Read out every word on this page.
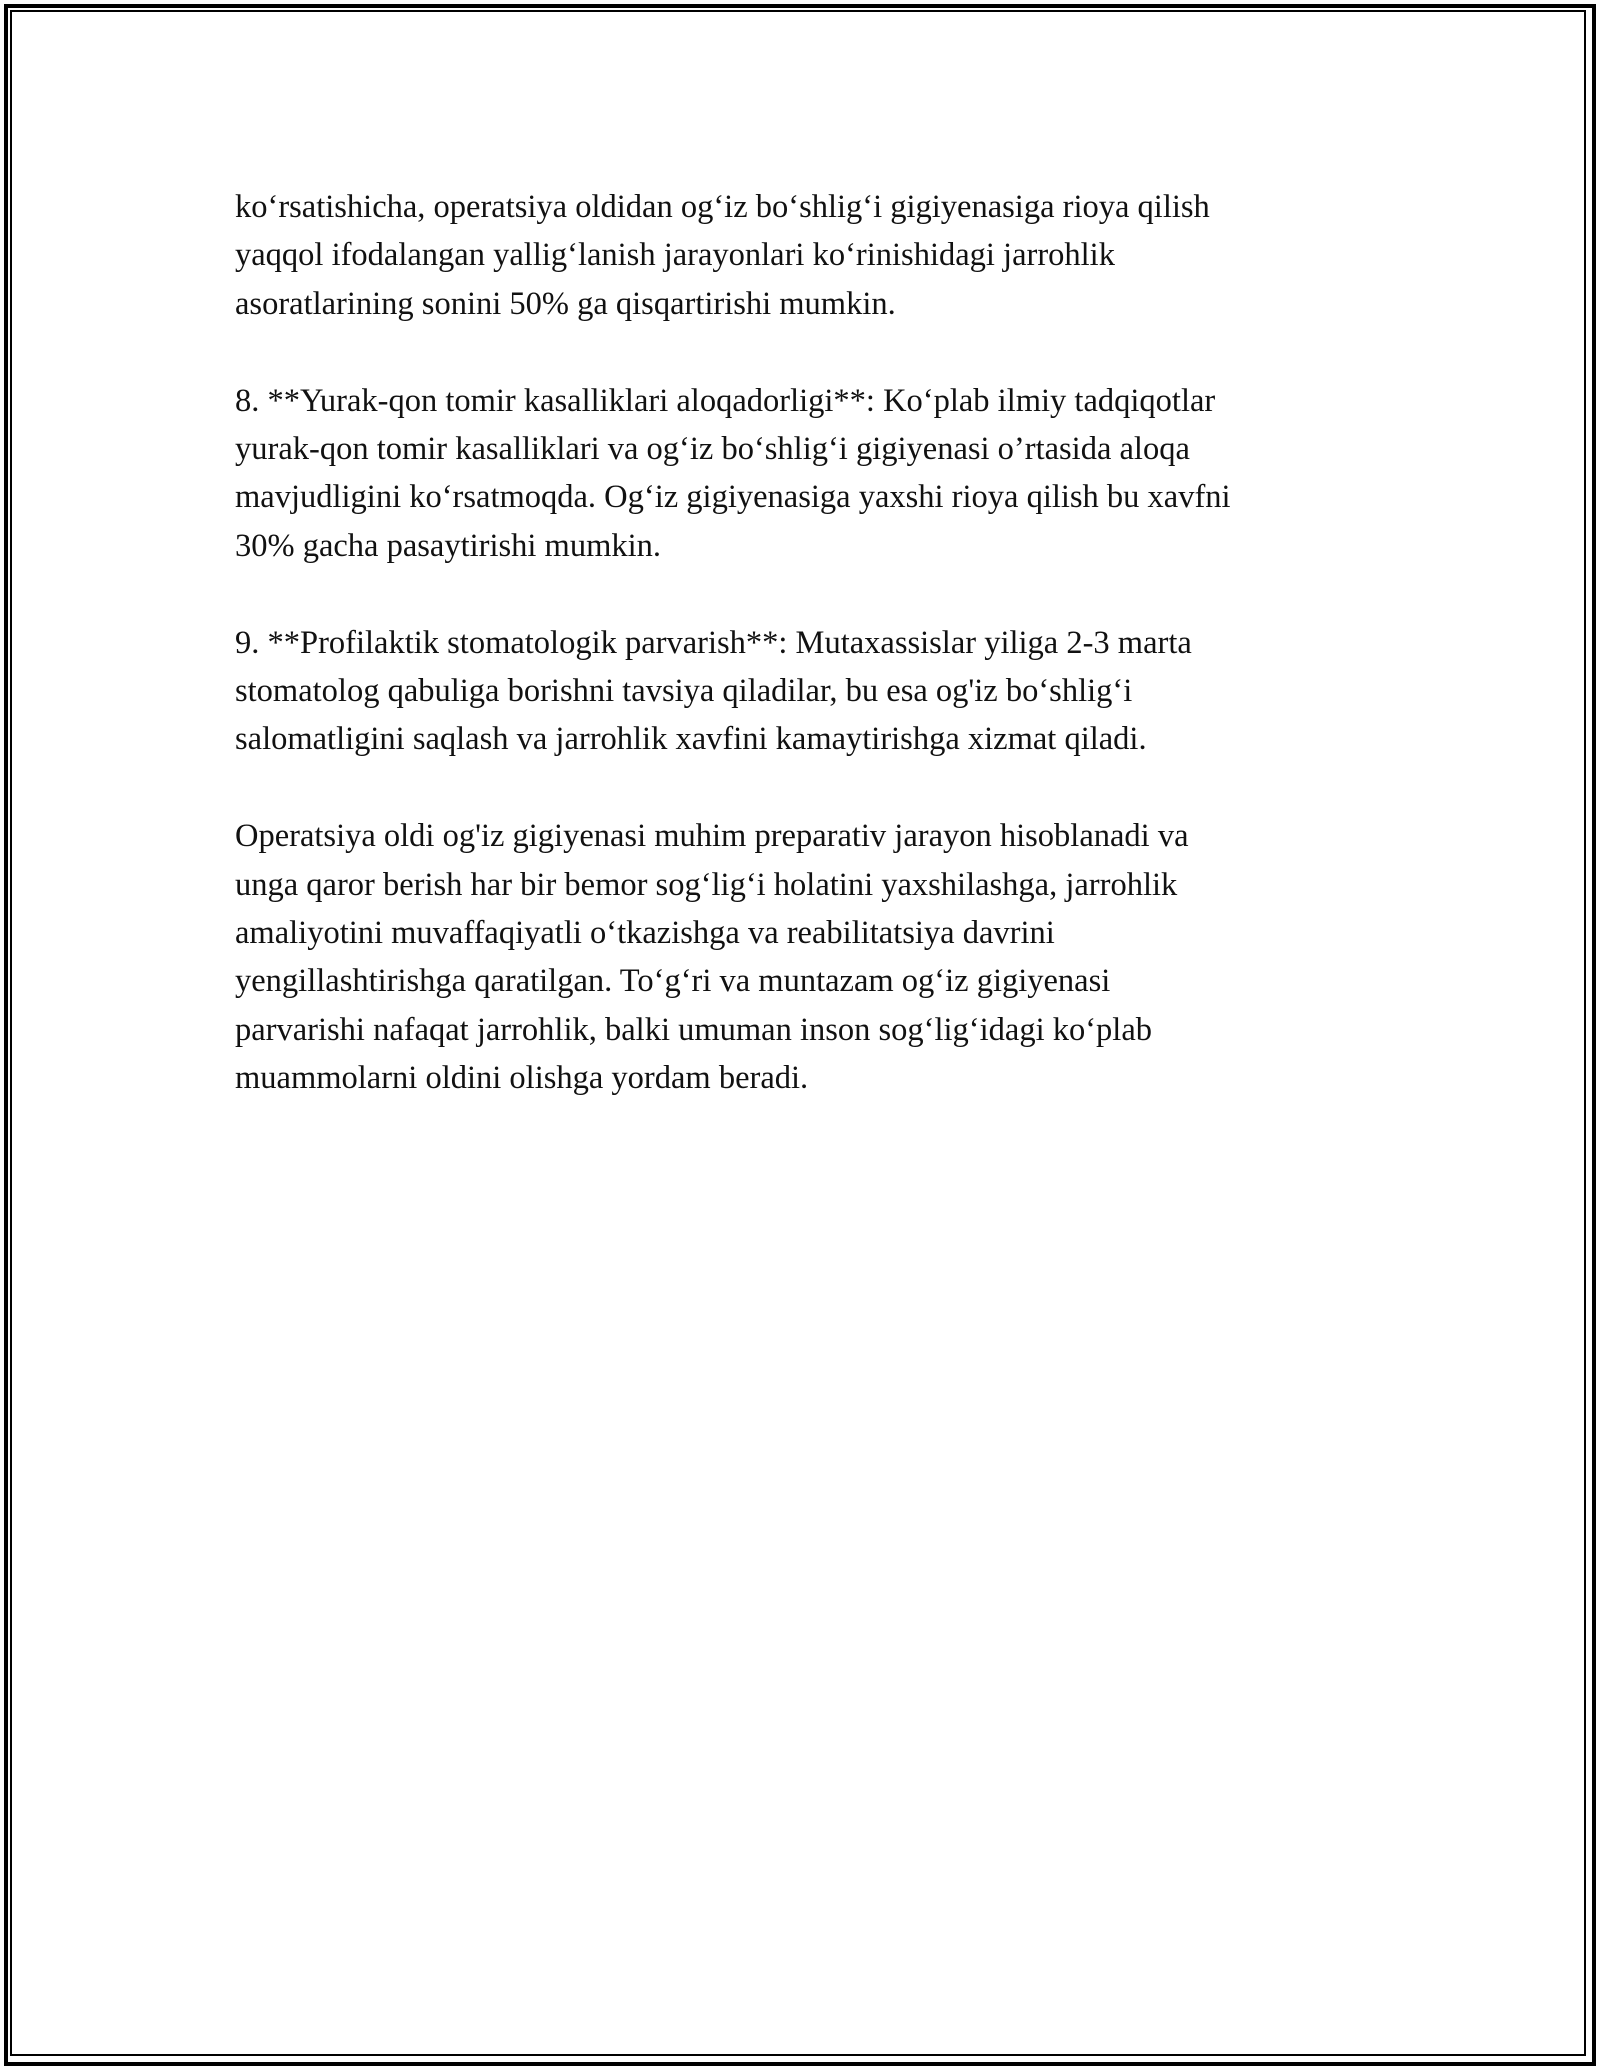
koʻrsatishicha, operatsiya oldidan ogʻiz boʻshligʻi gigiyenasiga rioya qilish
yaqqol ifodalangan yalligʻlanish jarayonlari koʻrinishidagi jarrohlik
asoratlarining sonini 50% ga qisqartirishi mumkin.

8. **Yurak-qon tomir kasalliklari aloqadorligi**: Koʻplab ilmiy tadqiqotlar
yurak-qon tomir kasalliklari va ogʻiz boʻshligʻi gigiyenasi o’rtasida aloqa
mavjudligini koʻrsatmoqda. Ogʻiz gigiyenasiga yaxshi rioya qilish bu xavfni
30% gacha pasaytirishi mumkin.

9. **Profilaktik stomatologik parvarish**: Mutaxassislar yiliga 2-3 marta
stomatolog qabuliga borishni tavsiya qiladilar, bu esa og'iz boʻshligʻi
salomatligini saqlash va jarrohlik xavfini kamaytirishga xizmat qiladi.

Operatsiya oldi og'iz gigiyenasi muhim preparativ jarayon hisoblanadi va
unga qaror berish har bir bemor sogʻligʻi holatini yaxshilashga, jarrohlik
amaliyotini muvaffaqiyatli oʻtkazishga va reabilitatsiya davrini
yengillashtirishga qaratilgan. Toʻgʻri va muntazam ogʻiz gigiyenasi
parvarishi nafaqat jarrohlik, balki umuman inson sogʻligʻidagi koʻplab
muammolarni oldini olishga yordam beradi.
